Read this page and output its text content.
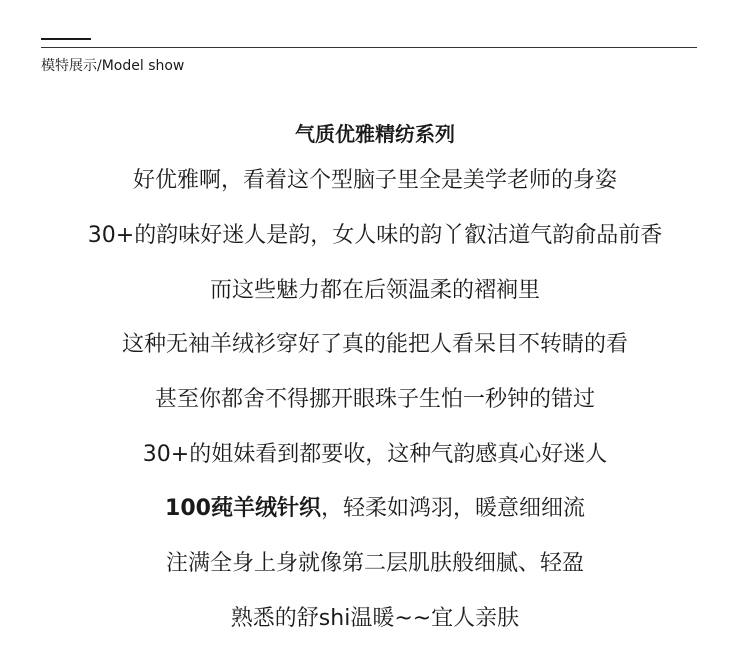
模特展示/Model show
气质优雅精纺系列
好优雅啊，看着这个型脑子里全是美学老师的身姿
30+的韵味好迷人是韵，女人味的韵丫叡沽道气韵俞品前香
而这些魅力都在后领温柔的褶裥里
这种无袖羊绒衫穿好了真的能把人看呆目不转睛的看
甚至你都舍不得挪开眼珠子生怕一秒钟的错过
30+的姐妹看到都要收，这种气韵感真心好迷人
100莼羊绒针织 ，轻柔如鸿羽，暖意细细流
注满全身上身就像第二层肌肤般细腻、轻盈
熟悉的舒shi温暖~~宜人亲肤
